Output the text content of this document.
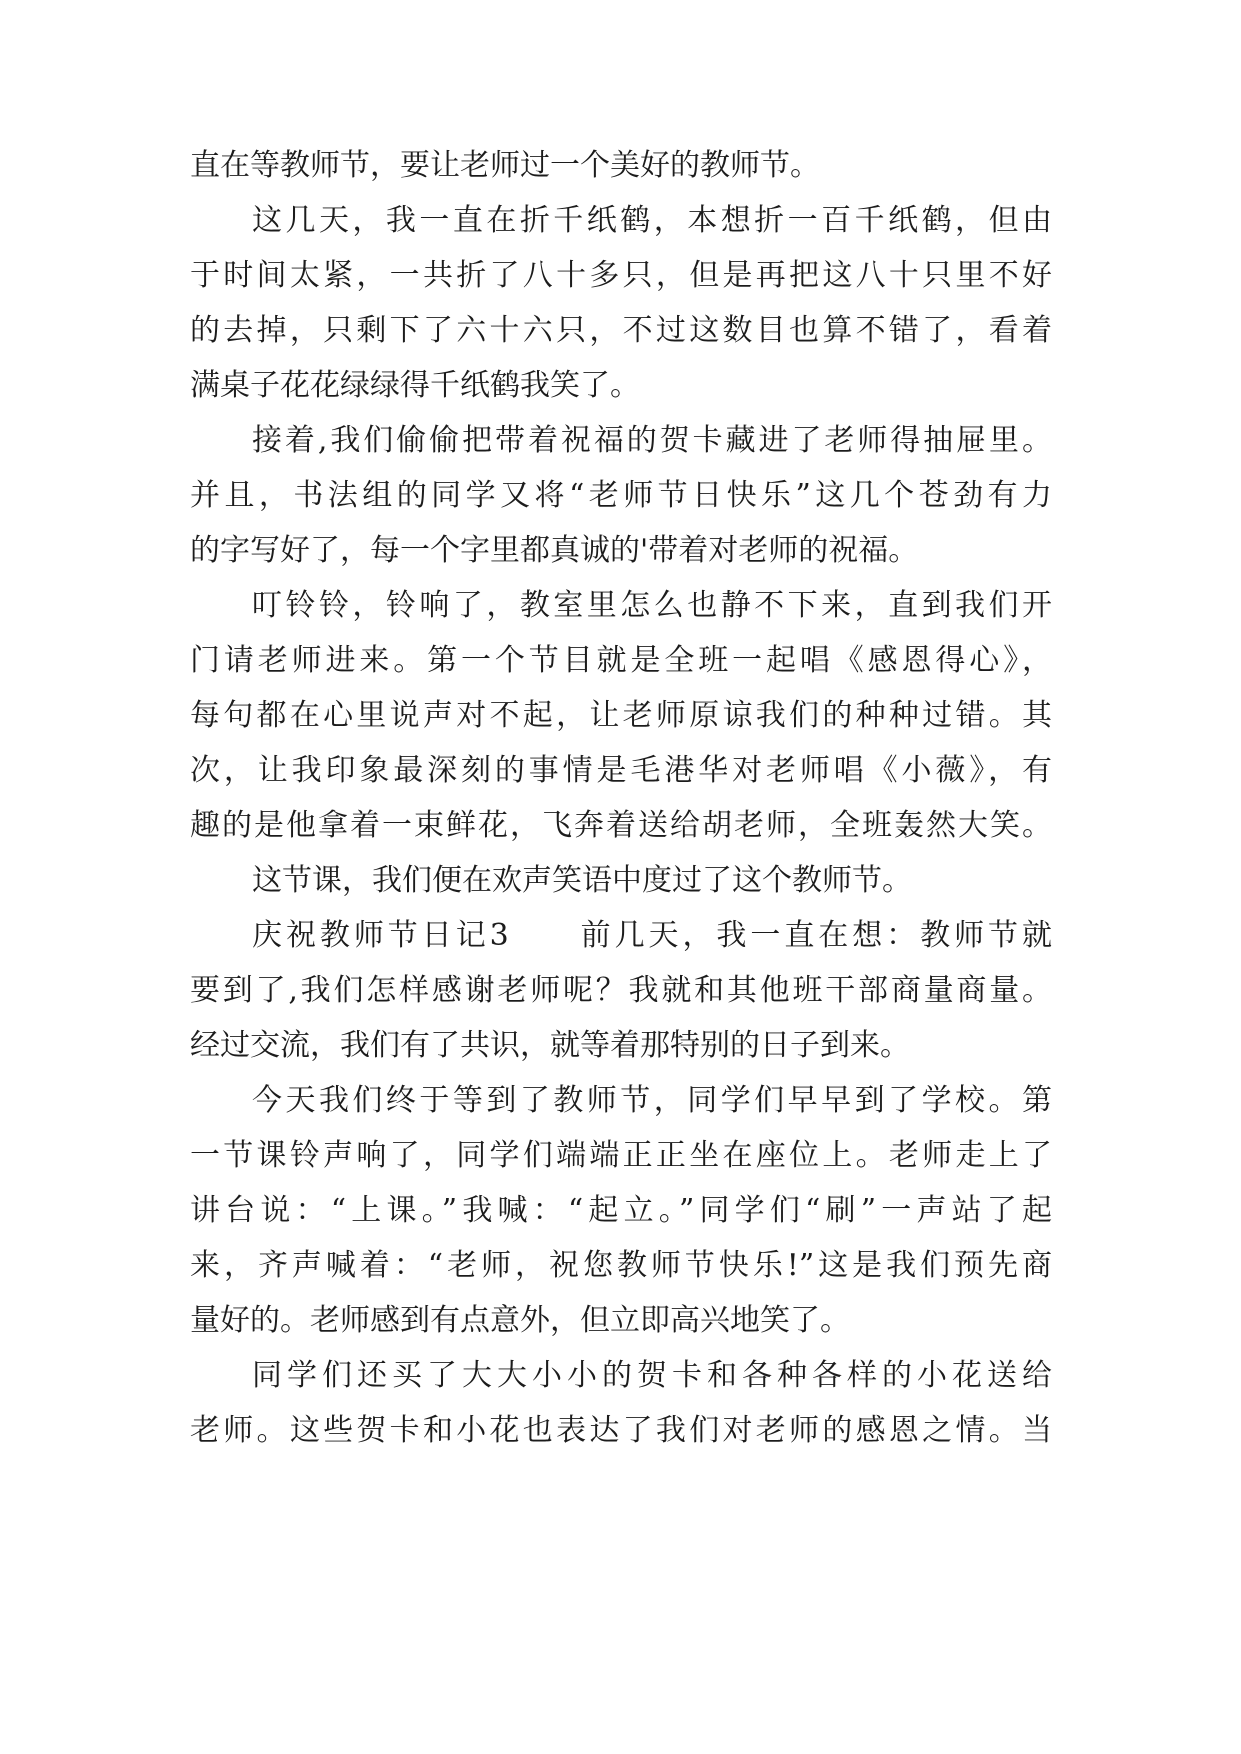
直在等教师节，要让老师过一个美好的教师节。
这几天，我一直在折千纸鹤，本想折一百千纸鹤，但由
于时间太紧，一共折了八十多只，但是再把这八十只里不好
的去掉，只剩下了六十六只，不过这数目也算不错了，看着
满桌子花花绿绿得千纸鹤我笑了。
接着,我们偷偷把带着祝福的贺卡藏进了老师得抽屉里。
并且，书法组的同学又将“老师节日快乐”这几个苍劲有力
的字写好了，每一个字里都真诚的'带着对老师的祝福。
叮铃铃，铃响了，教室里怎么也静不下来，直到我们开
门请老师进来。第一个节目就是全班一起唱《感恩得心》，
每句都在心里说声对不起，让老师原谅我们的种种过错。其
次，让我印象最深刻的事情是毛港华对老师唱《小薇》，有
趣的是他拿着一束鲜花，飞奔着送给胡老师，全班轰然大笑。
这节课，我们便在欢声笑语中度过了这个教师节。
庆祝教师节日记3　　前几天，我一直在想：教师节就
要到了,我们怎样感谢老师呢？我就和其他班干部商量商量。
经过交流，我们有了共识，就等着那特别的日子到来。
今天我们终于等到了教师节，同学们早早到了学校。第
一节课铃声响了，同学们端端正正坐在座位上。老师走上了
讲台说：“上课。”我喊：“起立。”同学们“刷”一声站了起
来，齐声喊着：“老师，祝您教师节快乐!”这是我们预先商
量好的。老师感到有点意外，但立即高兴地笑了。
同学们还买了大大小小的贺卡和各种各样的小花送给
老师。这些贺卡和小花也表达了我们对老师的感恩之情。当
